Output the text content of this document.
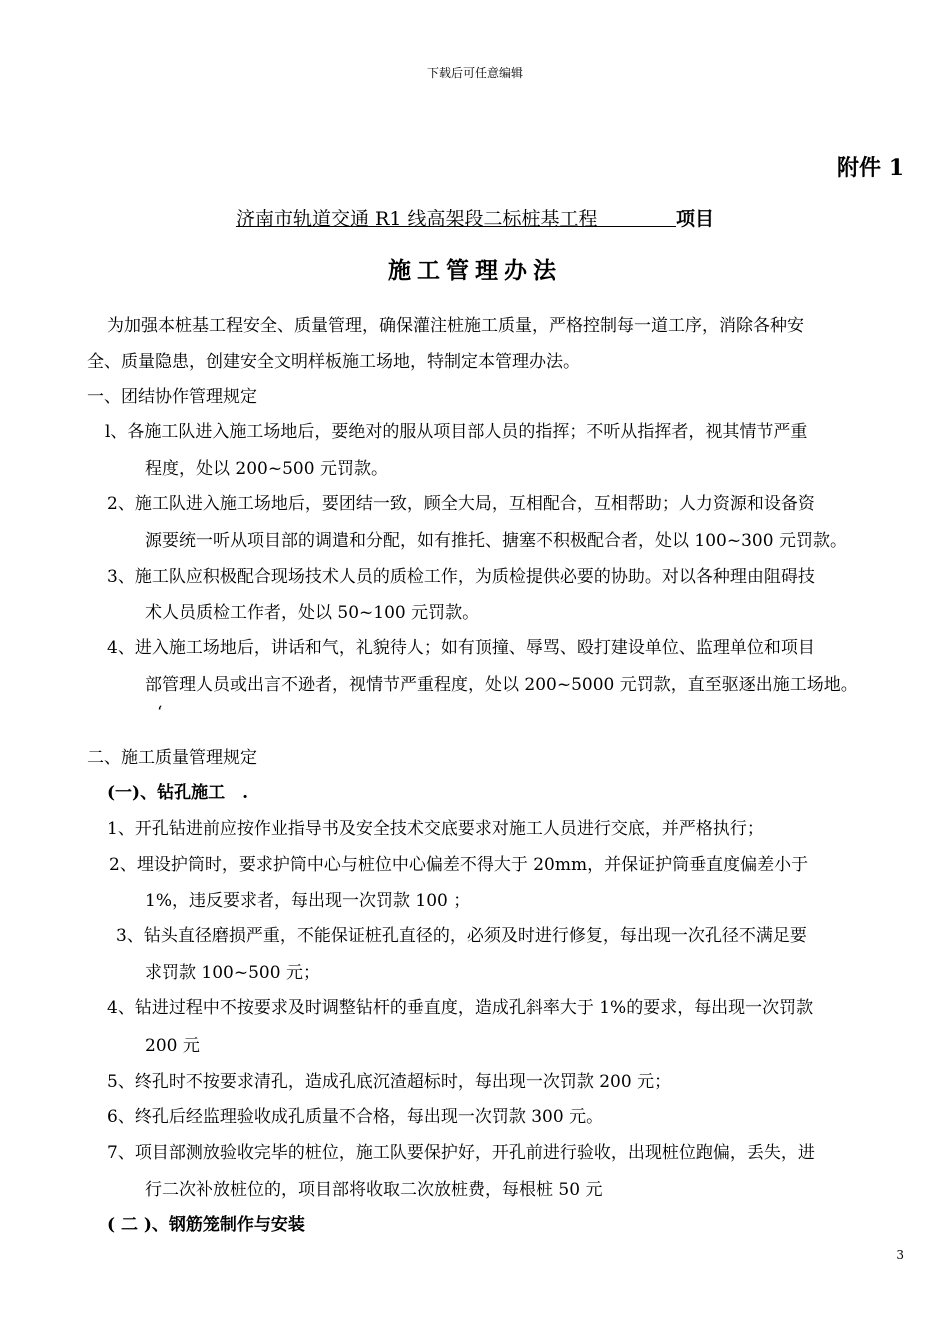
下载后可任意编辑
附件 1
济南市轨道交通 R1 线高架段二标桩基工程	项目
施工管理办法
为加强本桩基工程安全、质量管理，确保灌注桩施工质量，严格控制每一道工序，消除各种安
全、质量隐患，创建安全文明样板施工场地，特制定本管理办法。
一、团结协作管理规定
l、各施工队进入施工场地后，要绝对的服从项目部人员的指挥；不听从指挥者，视其情节严重
程度，处以 200~500 元罚款。
2、施工队进入施工场地后，要团结一致，顾全大局，互相配合，互相帮助；人力资源和设备资
源要统一听从项目部的调遣和分配，如有推托、搪塞不积极配合者，处以 100~300 元罚款。
3、施工队应积极配合现场技术人员的质检工作，为质检提供必要的协助。对以各种理由阻碍技
术人员质检工作者，处以 50~100 元罚款。
4、进入施工场地后，讲话和气，礼貌待人；如有顶撞、辱骂、殴打建设单位、监理单位和项目
部管理人员或出言不逊者，视情节严重程度，处以 200~5000 元罚款，直至驱逐出施工场地。
‘
二、施工质量管理规定
(一)、钻孔施工　.
1、开孔钻进前应按作业指导书及安全技术交底要求对施工人员进行交底，并严格执行；
2、埋设护筒时，要求护筒中心与桩位中心偏差不得大于 20mm，并保证护筒垂直度偏差小于
1%，违反要求者，每出现一次罚款 100 ；
3、钻头直径磨损严重，不能保证桩孔直径的，必须及时进行修复，每出现一次孔径不满足要
求罚款 100~500 元；
4、钻进过程中不按要求及时调整钻杆的垂直度，造成孔斜率大于 1%的要求，每出现一次罚款
200 元
5、终孔时不按要求清孔，造成孔底沉渣超标时，每出现一次罚款 200 元；
6、终孔后经监理验收成孔质量不合格，每出现一次罚款 300 元。
7、项目部测放验收完毕的桩位，施工队要保护好，开孔前进行验收，出现桩位跑偏，丢失，进
行二次补放桩位的，项目部将收取二次放桩费，每根桩 50 元
( 二 )、钢筋笼制作与安装
3
